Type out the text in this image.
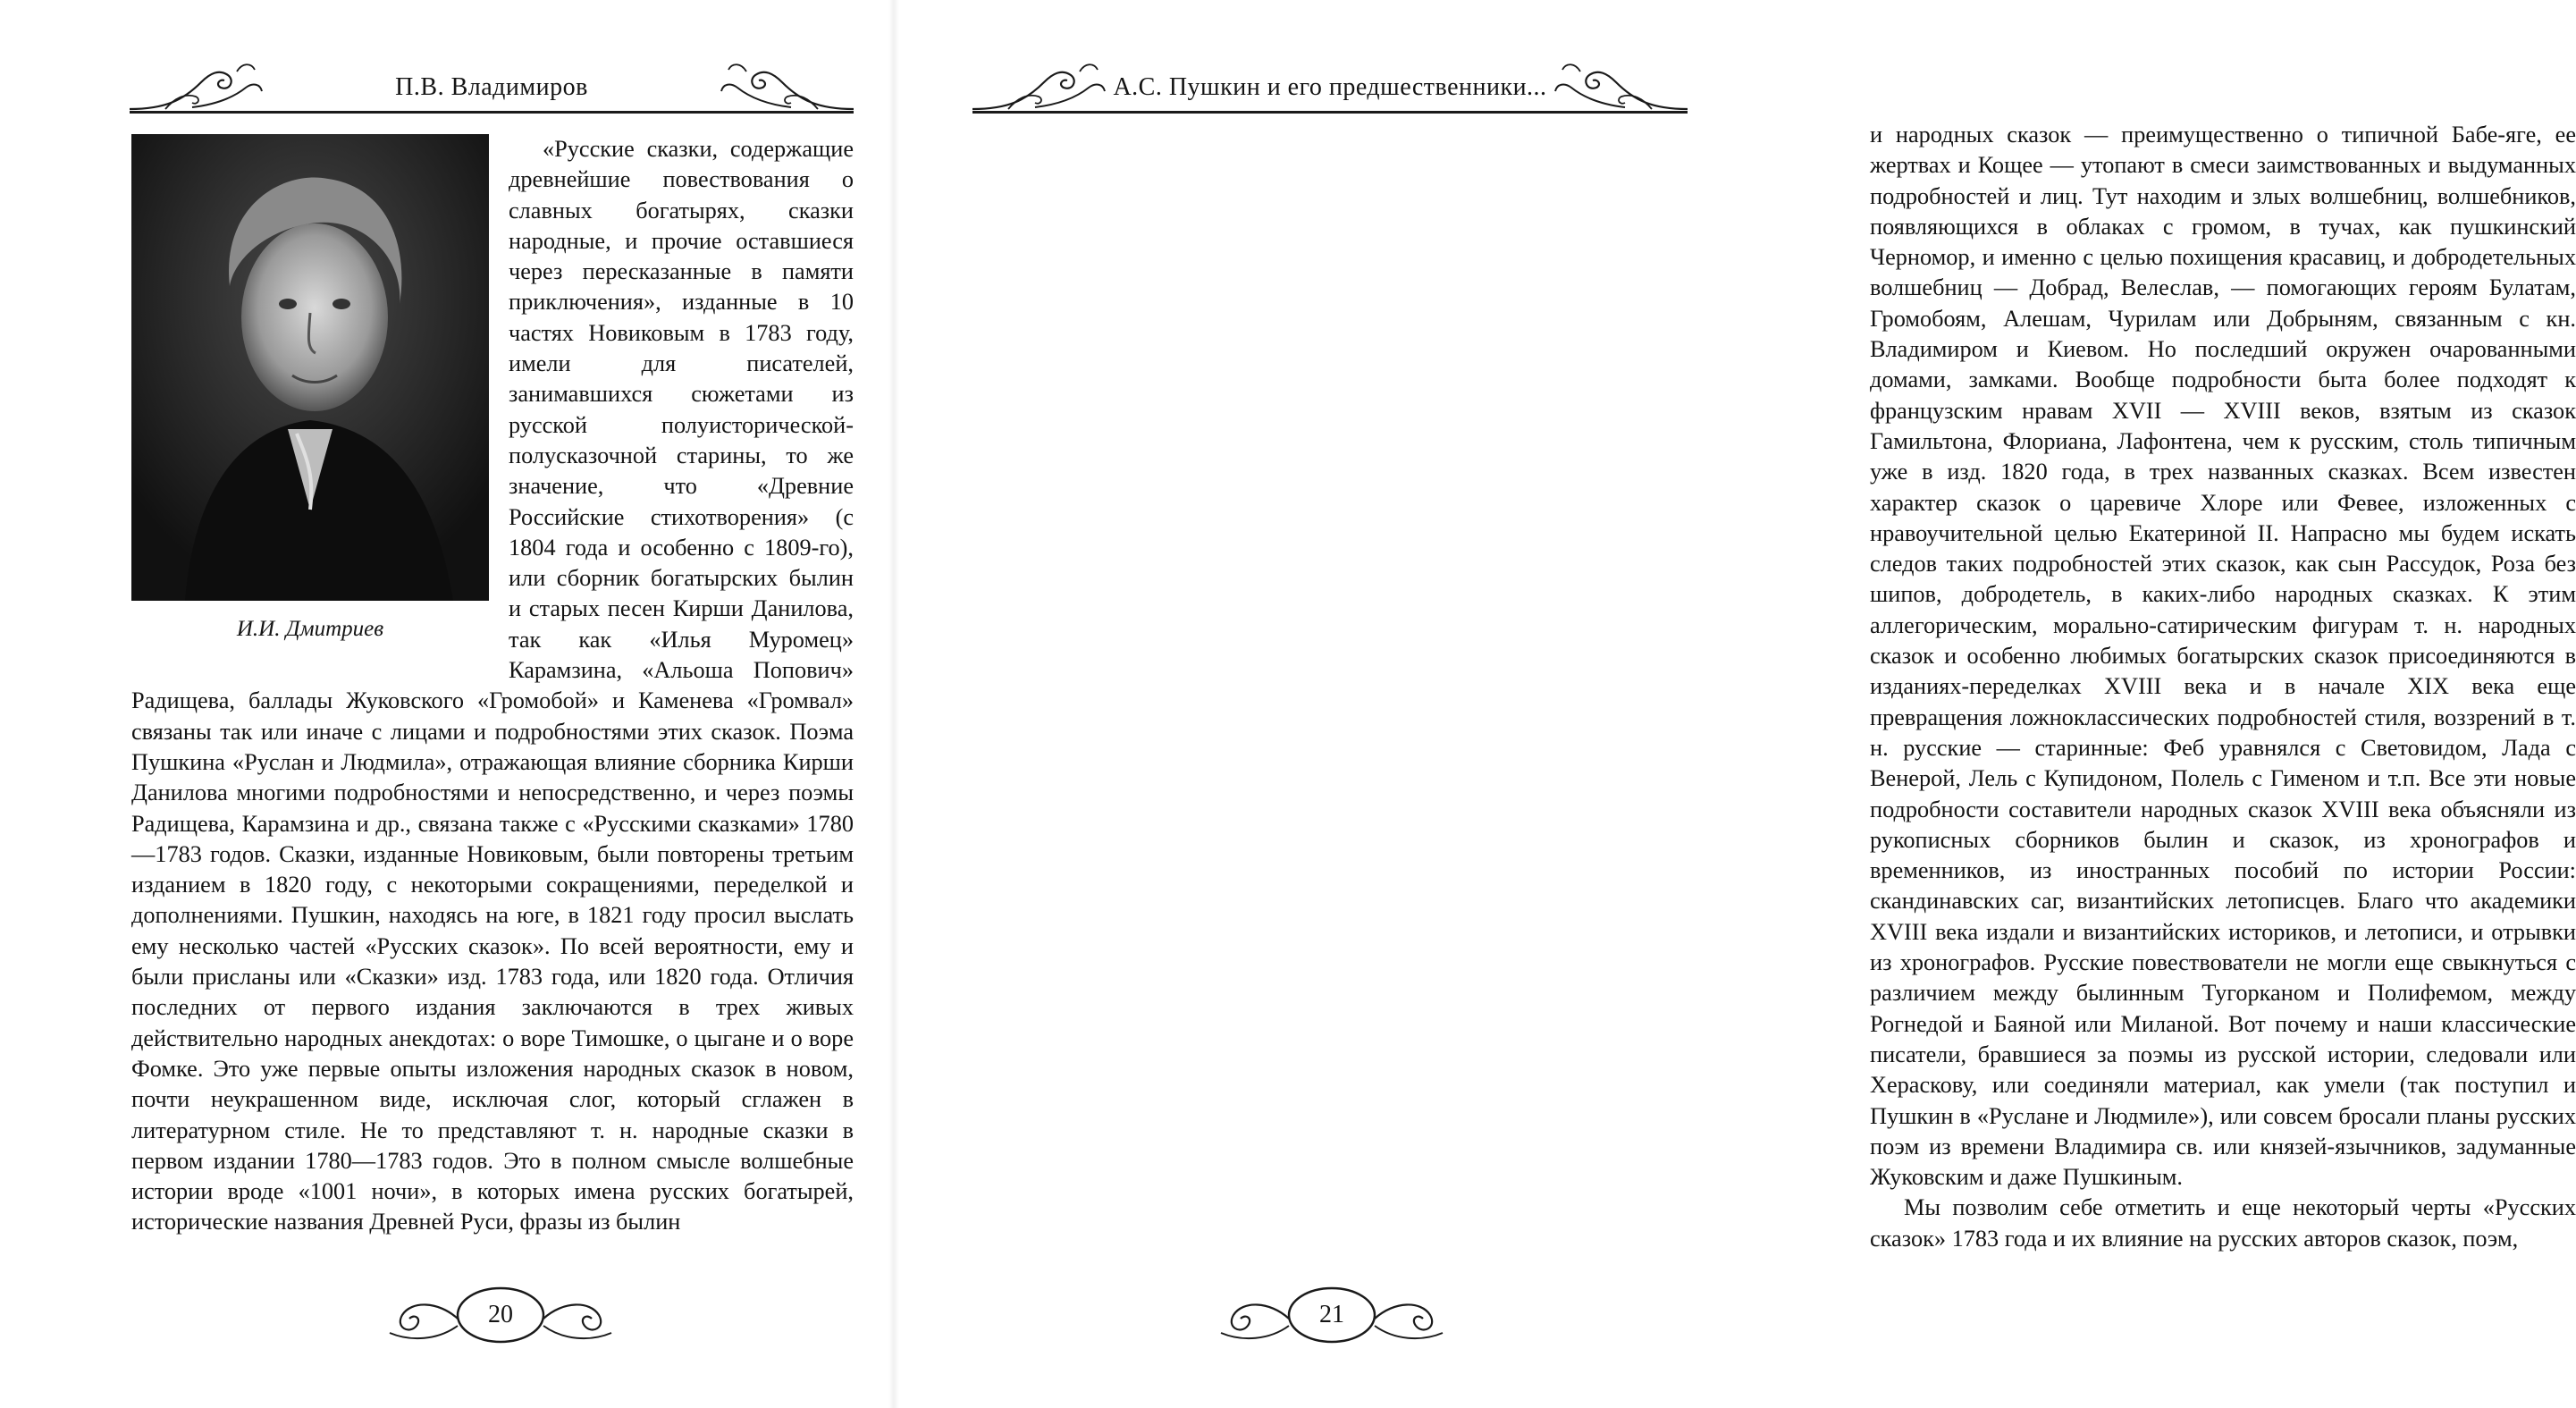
П.В. Владимиров
И.И. Дмитриев

«Русские сказки, содержащие древнейшие повествования о славных богатырях, сказки народные, и прочие оставшиеся через пересказанные в памяти приключения», изданные в 10 частях Новиковым в 1783 году, имели для писателей, занимавшихся сюжетами из русской полуисторической-полусказочной старины, то же значение, что «Древние Российские стихотворения» (с 1804 года и особенно с 1809-го), или сборник богатырских былин и старых песен Кирши Данилова, так как «Илья Муромец» Карамзина, «Альоша Попович» Радищева, баллады Жуковского «Громобой» и Каменева «Громвал» связаны так или иначе с лицами и подробностями этих сказок. Поэма Пушкина «Руслан и Людмила», отражающая влияние сборника Кирши Данилова многими подробностями и непосредственно, и через поэмы Радищева, Карамзина и др., связана также с «Русскими сказками» 1780—1783 годов. Сказки, изданные Новиковым, были повторены третьим изданием в 1820 году, с некоторыми сокращениями, переделкой и дополнениями. Пушкин, находясь на юге, в 1821 году просил выслать ему несколько частей «Русских сказок». По всей вероятности, ему и были присланы или «Сказки» изд. 1783 года, или 1820 года. Отличия последних от первого издания заключаются в трех живых действительно народных анекдотах: о воре Тимошке, о цыгане и о воре Фомке. Это уже первые опыты изложения народных сказок в новом, почти неукрашенном виде, исключая слог, который сглажен в литературном стиле. Не то представляют т. н. народные сказки в первом издании 1780—1783 годов. Это в полном смысле волшебные истории вроде «1001 ночи», в которых имена русских богатырей, исторические названия Древней Руси, фразы из былин

20
А.С. Пушкин и его предшественники...

и народных сказок — преимущественно о типичной Бабе-яге, ее жертвах и Кощее — утопают в смеси заимствованных и выдуманных подробностей и лиц. Тут находим и злых волшебниц, волшебников, появляющихся в облаках с громом, в тучах, как пушкинский Черномор, и именно с целью похищения красавиц, и добродетельных волшебниц — Добрад, Велеслав, — помогающих героям Булатам, Громобоям, Алешам, Чурилам или Добрыням, связанным с кн. Владимиром и Киевом. Но последший окружен очарованными домами, замками. Вообще подробности быта более подходят к французским нравам XVII — XVIII веков, взятым из сказок Гамильтона, Флориана, Лафонтена, чем к русским, столь типичным уже в изд. 1820 года, в трех названных сказках. Всем известен характер сказок о царевиче Хлоре или Февее, изложенных с нравоучительной целью Екатериной II. Напрасно мы будем искать следов таких подробностей этих сказок, как сын Рассудок, Роза без шипов, добродетель, в каких-либо народных сказках. К этим аллегорическим, морально-сатирическим фигурам т. н. народных сказок и особенно любимых богатырских сказок присоединяются в изданиях-переделках XVIII века и в начале XIX века еще превращения ложноклассических подробностей стиля, воззрений в т. н. русские — старинные: Феб уравнялся с Световидом, Лада с Венерой, Лель с Купидоном, Полель с Гименом и т.п. Все эти новые подробности составители народных сказок XVIII века объясняли из рукописных сборников былин и сказок, из хронографов и временников, из иностранных пособий по истории России: скандинавских саг, византийских летописцев. Благо что академики XVIII века издали и византийских историков, и летописи, и отрывки из хронографов. Русские повествователи не могли еще свыкнуться с различием между былинным Тугорканом и Полифемом, между Рогнедой и Баяной или Миланой. Вот почему и наши классические писатели, бравшиеся за поэмы из русской истории, следовали или Хераскову, или соединяли материал, как умели (так поступил и Пушкин в «Руслане и Людмиле»), или совсем бросали планы русских поэм из времени Владимира св. или князей-язычников, задуманные Жуковским и даже Пушкиным.

Мы позволим себе отметить и еще некоторый черты «Русских сказок» 1783 года и их влияние на русских авторов сказок, поэм,

21
